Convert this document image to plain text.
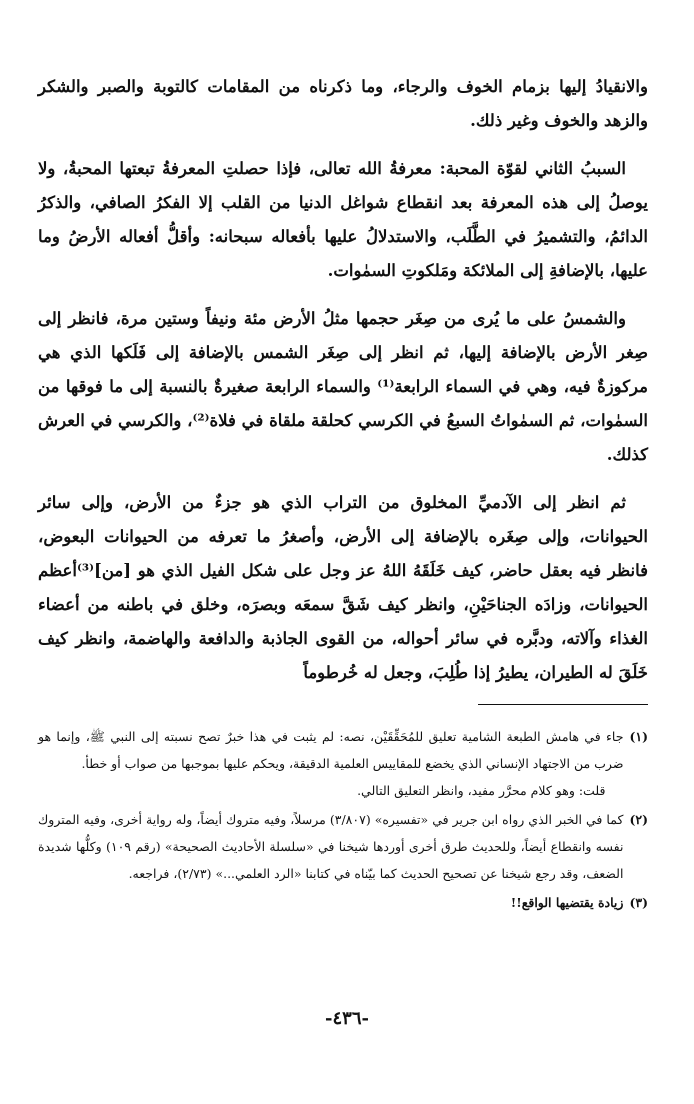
والانقيادُ إليها بزمام الخوف والرجاء، وما ذكرناه من المقامات كالتوبة والصبر والشكر والزهد والخوف وغير ذلك.

السببُ الثاني لقوّة المحبة: معرفةُ الله تعالى، فإذا حصلتِ المعرفةُ تبعتها المحبةُ، ولا يوصلُ إلى هذه المعرفة بعد انقطاع شواغل الدنيا من القلب إلا الفكرُ الصافي، والذكرُ الدائمُ، والتشميرُ في الطَّلَب، والاستدلالُ عليها بأفعاله سبحانه: وأقلُّ أفعاله الأرضُ وما عليها، بالإضافةِ إلى الملائكة ومَلكوتِ السمٰوات.

والشمسُ على ما يُرى من صِغَر حجمها مثلُ الأرض مئة ونيفاً وستين مرة، فانظر إلى صِغر الأرض بالإضافة إليها، ثم انظر إلى صِغَر الشمس بالإضافة إلى فَلَكها الذي هي مركوزةٌ فيه، وهي في السماء الرابعة⁽¹⁾ والسماء الرابعة صغيرةٌ بالنسبة إلى ما فوقها من السمٰوات، ثم السمٰواتُ السبعُ في الكرسي كحلقة ملقاة في فلاة⁽²⁾، والكرسي في العرش كذلك.

ثم انظر إلى الآدميِّ المخلوق من التراب الذي هو جزءٌ من الأرض، وإلى سائر الحيوانات، وإلى صِغَره بالإضافة إلى الأرض، وأصغرُ ما تعرفه من الحيوانات البعوض، فانظر فيه بعقل حاضر، كيف خَلَقَهُ اللهُ عز وجل على شكل الفيل الذي هو [من]⁽³⁾أعظم الحيوانات، وزادَه الجناحَيْنِ، وانظر كيف شَقَّ سمعَه وبصرَه، وخلق في باطنه من أعضاء الغذاء وآلاته، ودبَّره في سائر أحواله، من القوى الجاذبة والدافعة والهاضمة، وانظر كيف خَلَقَ له الطيران، يطيرُ إذا طُلِبَ، وجعل له خُرطوماً

(١)
جاء في هامش الطبعة الشامية تعليق للمُحَقِّقَيْن، نصه: لم يثبت في هذا خبرٌ تصح نسبته إلى النبي ﷺ، وإنما هو ضرب من الاجتهاد الإنساني الذي يخضع للمقاييس العلمية الدقيقة، ويحكم عليها بموجبها من صواب أو خطأ.
قلت: وهو كلام محرَّر مفيد، وانظر التعليق التالي.
(٢)
كما في الخبر الذي رواه ابن جرير في «تفسيره» (٣/٨٠٧) مرسلاً، وفيه متروك أيضاً، وله رواية أخرى، وفيه المتروك نفسه وانقطاع أيضاً، وللحديث طرق أخرى أوردها شيخنا في «سلسلة الأحاديث الصحيحة» (رقم ١٠٩) وكلُّها شديدة الضعف، وقد رجع شيخنا عن تصحيح الحديث كما بيّناه في كتابنا «الرد العلمي...» (٢/٧٣)، فراجعه.
(٣)
زيادة يقتضيها الواقع!!
-٤٣٦-
